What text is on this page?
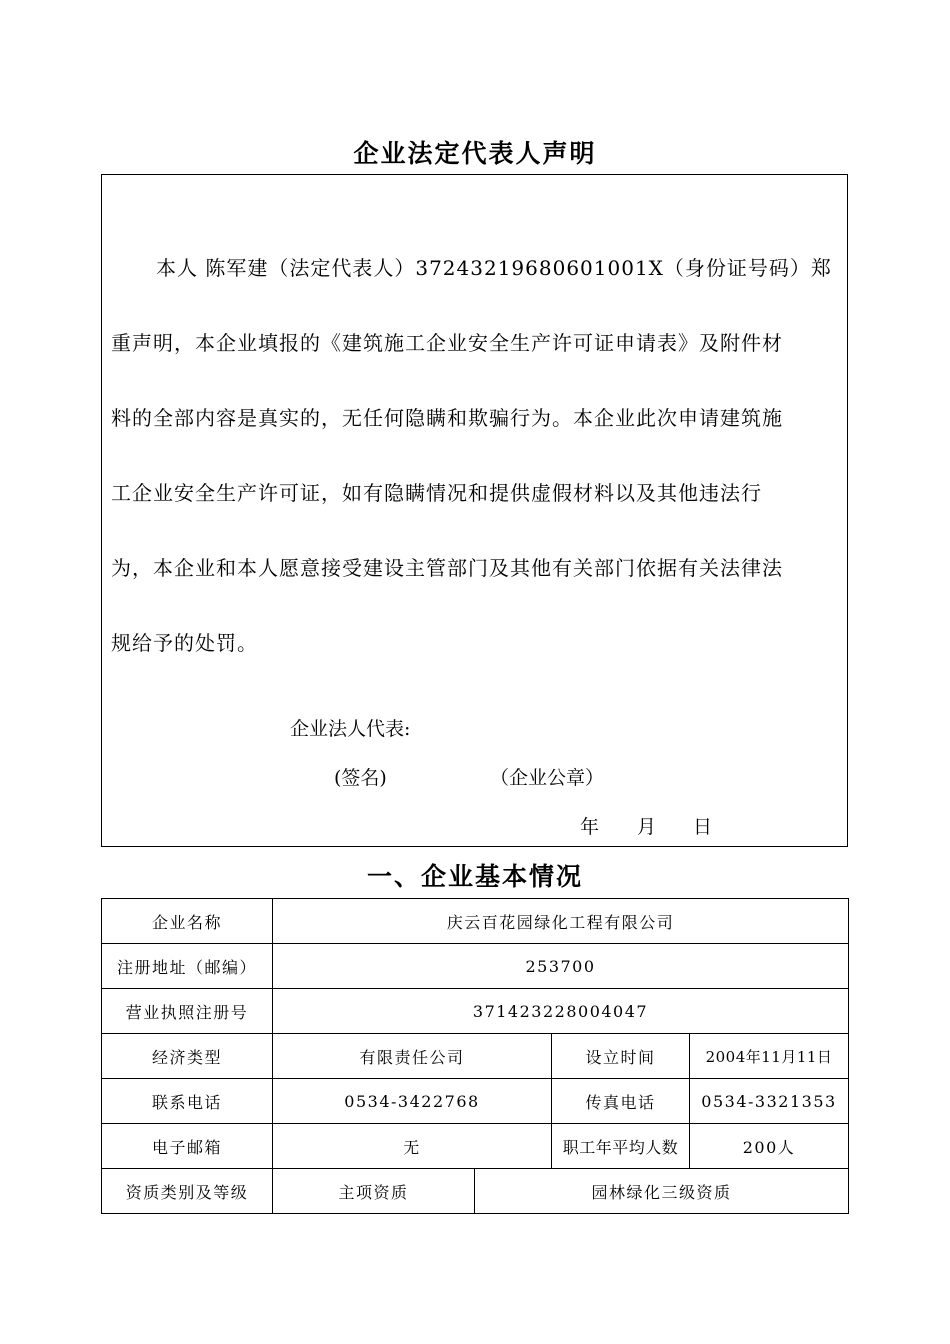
企业法定代表人声明
本人 陈军建（法定代表人）37243219680601001X（身份证号码）郑
重声明，本企业填报的《建筑施工企业安全生产许可证申请表》及附件材
料的全部内容是真实的，无任何隐瞒和欺骗行为。本企业此次申请建筑施
工企业安全生产许可证，如有隐瞒情况和提供虚假材料以及其他违法行
为，本企业和本人愿意接受建设主管部门及其他有关部门依据有关法律法
规给予的处罚。
企业法人代表:
(签名)	（企业公章）
年 月 日
一、企业基本情况
企业名称	庆云百花园绿化工程有限公司
注册地址（邮编）	253700
营业执照注册号	371423228004047
经济类型	有限责任公司	设立时间	2004年11月11日
联系电话	0534-3422768	传真电话	0534-3321353
电子邮箱	无	职工年平均人数	200人
资质类别及等级	主项资质	园林绿化三级资质
